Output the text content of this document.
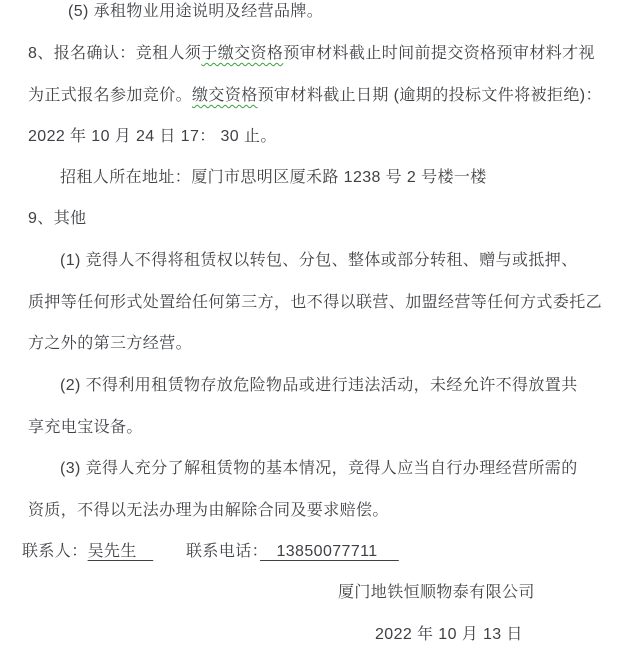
(5) 承租物业用途说明及经营品牌。
8、报名确认：竞租人须于缴交资格预审材料截止时间前提交资格预审材料才视
为正式报名参加竞价。缴交资格预审材料截止日期 (逾期的投标文件将被拒绝)：
2022 年 10 月 24 日 17： 30 止。
招租人所在地址：厦门市思明区厦禾路 1238 号 2 号楼一楼
9、其他
(1) 竞得人不得将租赁权以转包、分包、整体或部分转租、赠与或抵押、
质押等任何形式处置给任何第三方，也不得以联营、加盟经营等任何方式委托乙
方之外的第三方经营。
(2) 不得利用租赁物存放危险物品或进行违法活动，未经允许不得放置共
享充电宝设备。
(3) 竞得人充分了解租赁物的基本情况，竞得人应当自行办理经营所需的
资质，不得以无法办理为由解除合同及要求赔偿。
联系人：吴先生　　　联系电话：　13850077711　
厦门地铁恒顺物泰有限公司
2022 年 10 月 13 日
